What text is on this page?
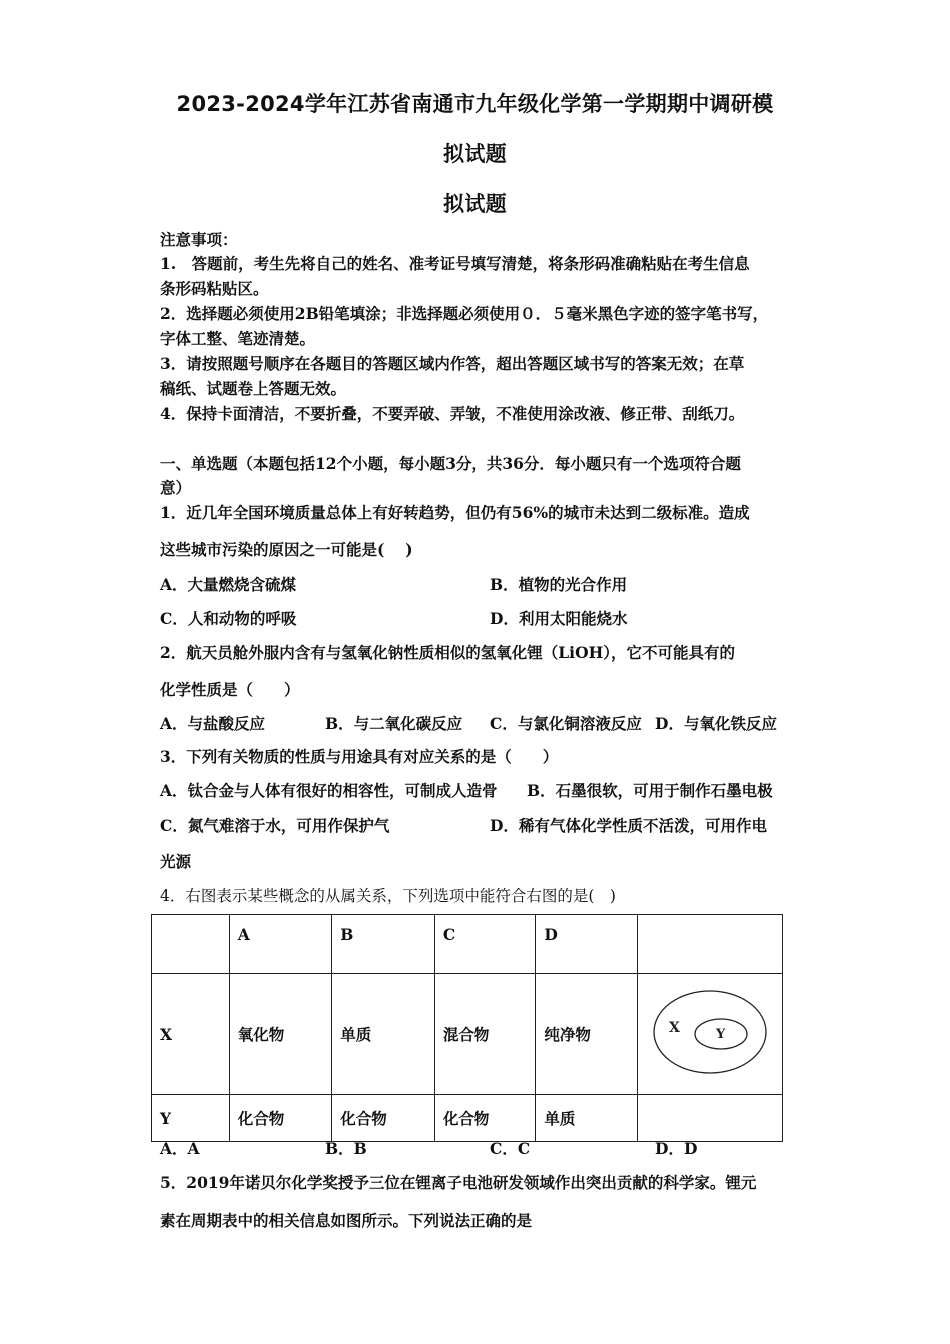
2023-2024学年江苏省南通市九年级化学第一学期期中调研模
拟试题
拟试题
注意事项：
1.　答题前，考生先将自己的姓名、准考证号填写清楚，将条形码准确粘贴在考生信息
条形码粘贴区。
2．选择题必须使用2B铅笔填涂；非选择题必须使用０．５毫米黑色字迹的签字笔书写，
字体工整、笔迹清楚。
3．请按照题号顺序在各题目的答题区域内作答，超出答题区域书写的答案无效；在草
稿纸、试题卷上答题无效。
4．保持卡面清洁，不要折叠，不要弄破、弄皱，不准使用涂改液、修正带、刮纸刀。
一、单选题（本题包括12个小题，每小题3分，共36分．每小题只有一个选项符合题
意）
1．近几年全国环境质量总体上有好转趋势，但仍有56%的城市未达到二级标准。造成
这些城市污染的原因之一可能是( 　)
A．大量燃烧含硫煤	B．植物的光合作用
C．人和动物的呼吸	D．利用太阳能烧水
2．航天员舱外服内含有与氢氧化钠性质相似的氢氧化锂（LiOH），它不可能具有的
化学性质是（　　）
A．与盐酸反应	B．与二氧化碳反应 C．与氯化铜溶液反应 D．与氧化铁反应
3．下列有关物质的性质与用途具有对应关系的是（　　）
A．钛合金与人体有很好的相容性，可制成人造骨 B．石墨很软，可用于制作石墨电极
C．氮气难溶于水，可用作保护气	D．稀有气体化学性质不活泼，可用作电
光源
4．右图表示某些概念的从属关系，下列选项中能符合右图的是(　)
	A	B	C	D	
X	氧化物	单质	混合物	纯净物	X Y

Y	化合物	化合物	化合物	单质	
A．A	B．B	C．C	D．D
5．2019年诺贝尔化学奖授予三位在锂离子电池研发领域作出突出贡献的科学家。锂元
素在周期表中的相关信息如图所示。下列说法正确的是
